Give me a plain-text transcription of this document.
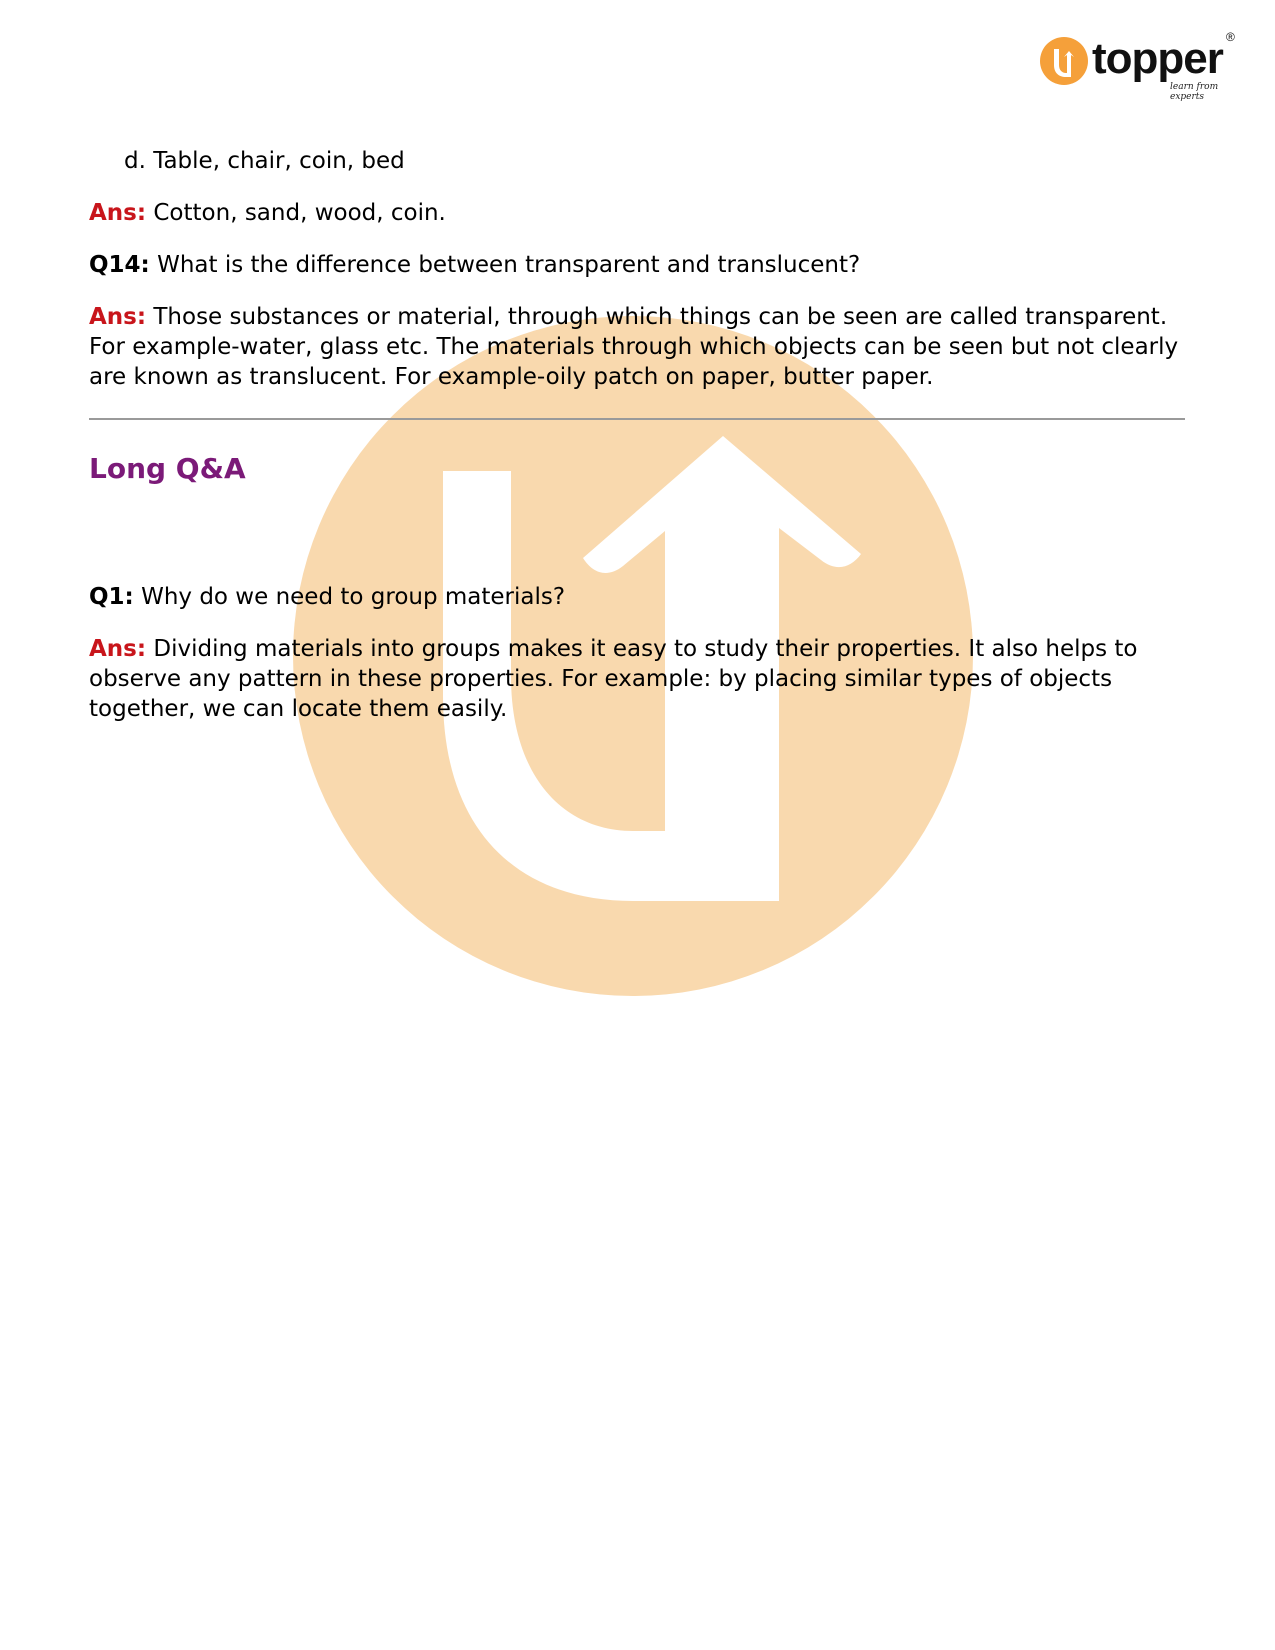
topper ®
learn from experts
d. Table, chair, coin, bed
Ans: Cotton, sand, wood, coin.
Q14: What is the difference between transparent and translucent?
Ans: Those substances or material, through which things can be seen are called transparent. For example-water, glass etc. The materials through which objects can be seen but not clearly are known as translucent. For example-oily patch on paper, butter paper.
Long Q&A
Q1: Why do we need to group materials?
Ans: Dividing materials into groups makes it easy to study their properties. It also helps to observe any pattern in these properties. For example: by placing similar types of objects together, we can locate them easily.
